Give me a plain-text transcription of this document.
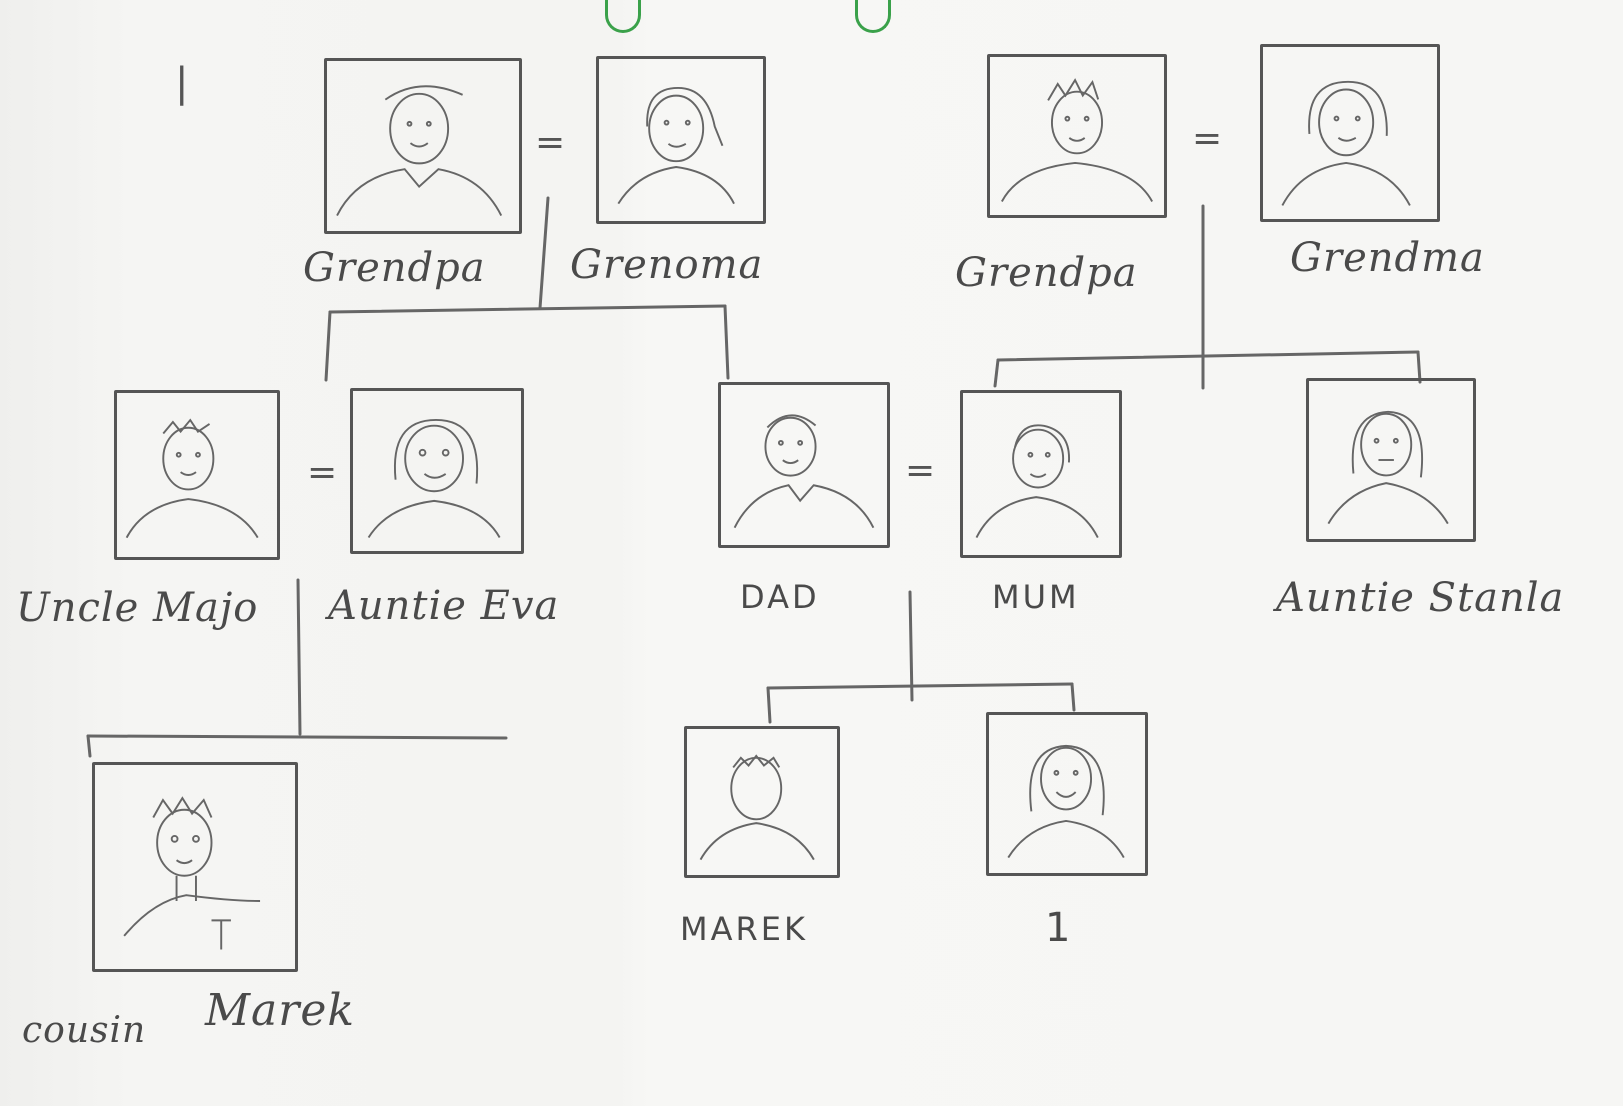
|
=	=
=	=
Grendpa Grenoma	Grendpa	Grendma
Uncle Majo Auntie Eva	DAD	MUM	Auntie Stanla
cousin Marek
MAREK	1
